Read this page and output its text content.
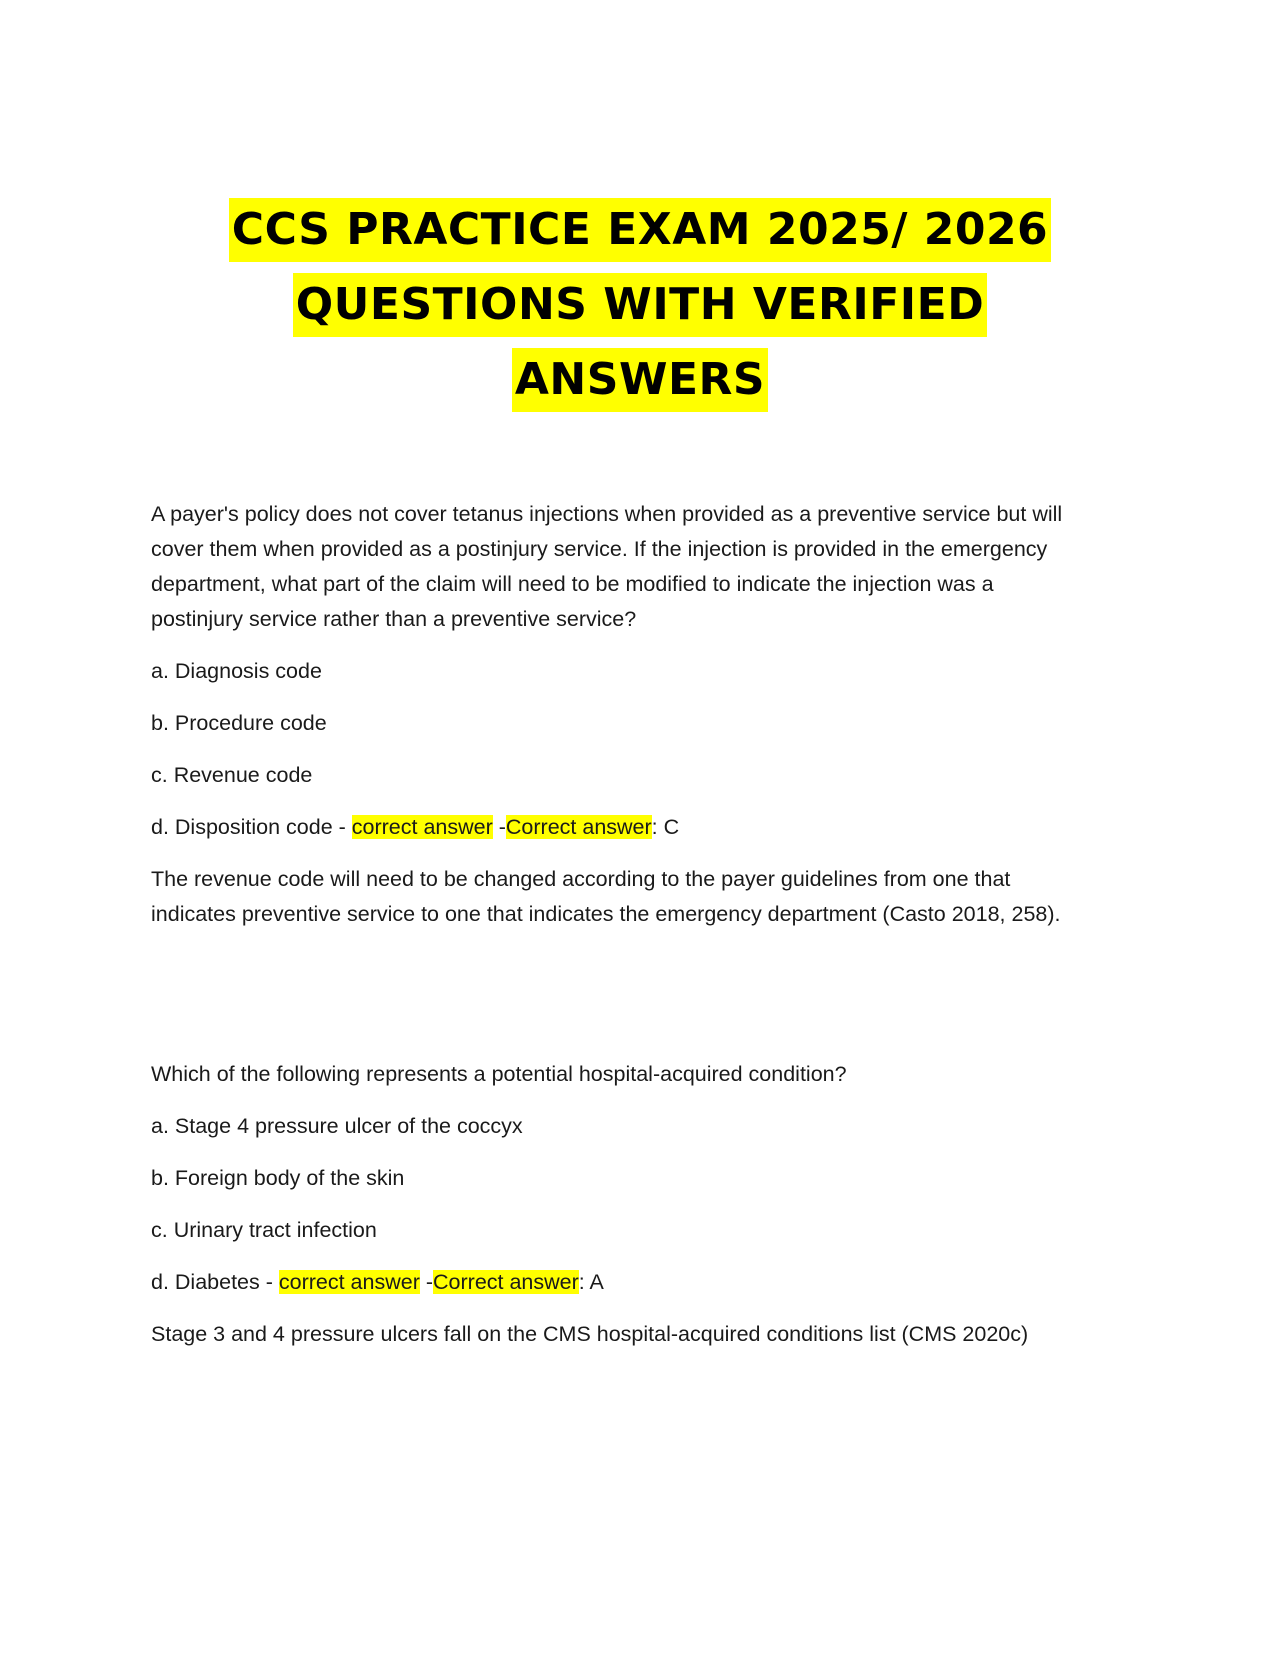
CCS PRACTICE EXAM 2025/ 2026
QUESTIONS WITH VERIFIED
ANSWERS

A payer's policy does not cover tetanus injections when provided as a preventive service but will

cover them when provided as a postinjury service. If the injection is provided in the emergency

department, what part of the claim will need to be modified to indicate the injection was a

postinjury service rather than a preventive service?

a. Diagnosis code

b. Procedure code

c. Revenue code

d. Disposition code - correct answer -Correct answer: C

The revenue code will need to be changed according to the payer guidelines from one that

indicates preventive service to one that indicates the emergency department (Casto 2018, 258).

Which of the following represents a potential hospital-acquired condition?

a. Stage 4 pressure ulcer of the coccyx

b. Foreign body of the skin

c. Urinary tract infection

d. Diabetes - correct answer -Correct answer: A

Stage 3 and 4 pressure ulcers fall on the CMS hospital-acquired conditions list (CMS 2020c)
